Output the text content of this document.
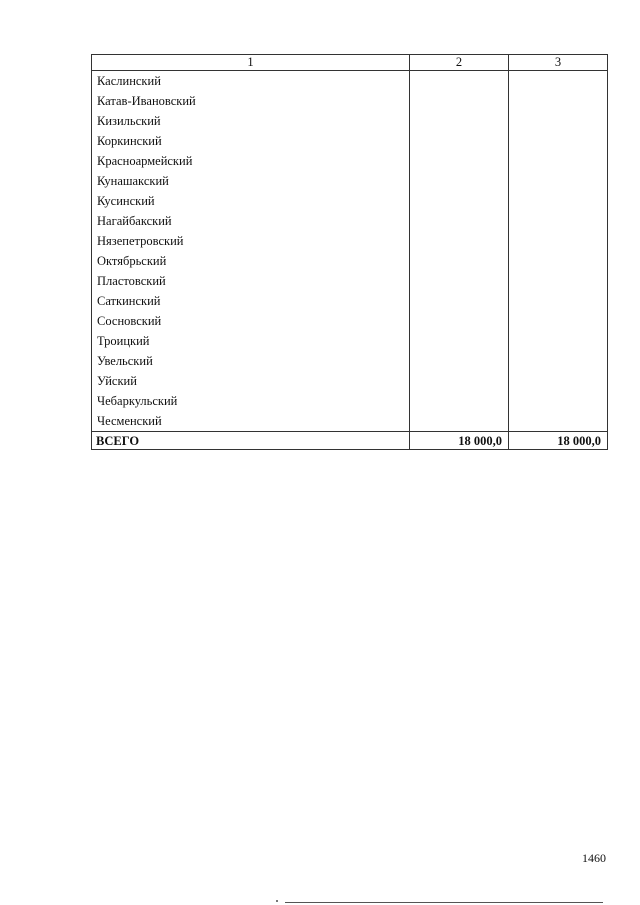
1	2	3
Каслинский		
Катав-Ивановский		
Кизильский		
Коркинский		
Красноармейский		
Кунашакский		
Кусинский		
Нагайбакский		
Нязепетровский		
Октябрьский		
Пластовский		
Саткинский		
Сосновский		
Троицкий		
Увельский		
Уйский		
Чебаркульский		
Чесменский		
ВСЕГО	18 000,0	18 000,0
1460
